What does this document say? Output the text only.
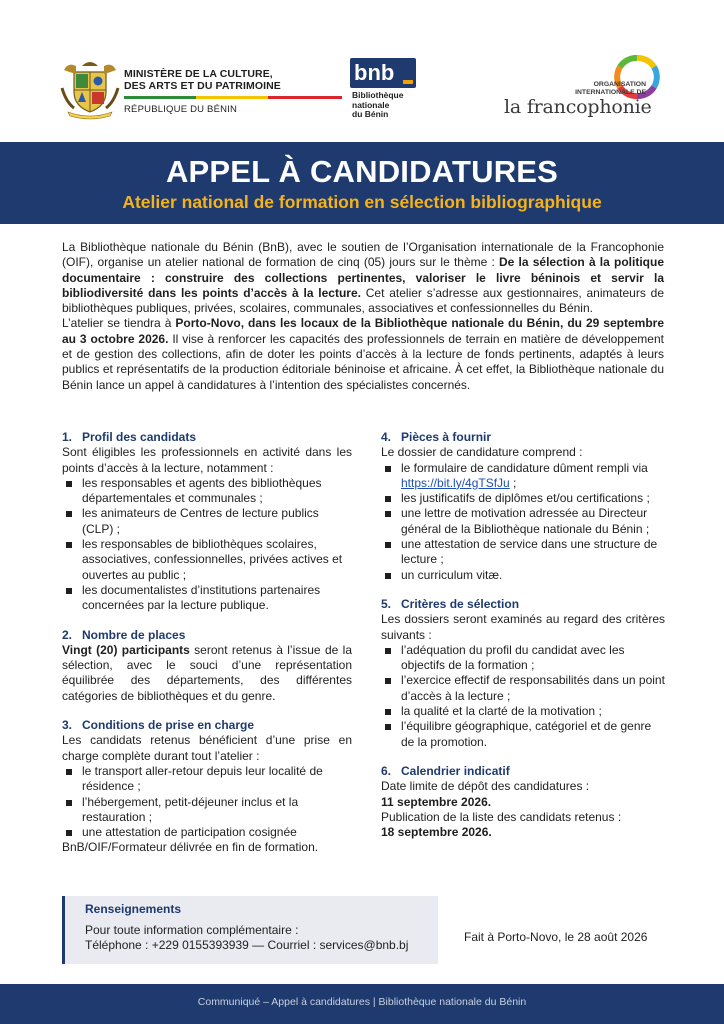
MINISTÈRE DE LA CULTURE,
DES ARTS ET DU PATRIMOINE
RÉPUBLIQUE DU BÉNIN
bnb
Bibliothèque
nationale
du Bénin
ORGANISATION
INTERNATIONALE DE
la francophonie
APPEL À CANDIDATURES
Atelier national de formation en sélection bibliographique

La Bibliothèque nationale du Bénin (BnB), avec le soutien de l’Organisation internationale de la Francophonie (OIF), organise un atelier national de formation de cinq (05) jours sur le thème : De la sélection à la politique documentaire : construire des collections pertinentes, valoriser le livre béninois et servir la bibliodiversité dans les points d’accès à la lecture. Cet atelier s’adresse aux gestionnaires, animateurs de bibliothèques publiques, privées, scolaires, communales, associatives et confessionnelles du Bénin.

L’atelier se tiendra à Porto-Novo, dans les locaux de la Bibliothèque nationale du Bénin, du 29 septembre au 3 octobre 2026. Il vise à renforcer les capacités des professionnels de terrain en matière de développement et de gestion des collections, afin de doter les points d’accès à la lecture de fonds pertinents, adaptés à leurs publics et représentatifs de la production éditoriale béninoise et africaine. À cet effet, la Bibliothèque nationale du Bénin lance un appel à candidatures à l’intention des spécialistes concernés.

1. Profil des candidats
Sont éligibles les professionnels en activité dans les points d’accès à la lecture, notamment :
les responsables et agents des bibliothèques départementales et communales ;
les animateurs de Centres de lecture publics (CLP) ;
les responsables de bibliothèques scolaires, associatives, confessionnelles, privées actives et ouvertes au public ;
les documentalistes d’institutions partenaires concernées par la lecture publique.
2. Nombre de places
Vingt (20) participants seront retenus à l’issue de la sélection, avec le souci d’une représentation équilibrée des départements, des différentes catégories de bibliothèques et du genre.
3. Conditions de prise en charge
Les candidats retenus bénéficient d’une prise en charge complète durant tout l’atelier :
le transport aller-retour depuis leur localité de résidence ;
l’hébergement, petit-déjeuner inclus et la restauration ;
une attestation de participation cosignée
BnB/OIF/Formateur délivrée en fin de formation.
4. Pièces à fournir
Le dossier de candidature comprend :
le formulaire de candidature dûment rempli via https://bit.ly/4gTSfJu ;
les justificatifs de diplômes et/ou certifications ;
une lettre de motivation adressée au Directeur général de la Bibliothèque nationale du Bénin ;
une attestation de service dans une structure de lecture ;
un curriculum vitæ.
5. Critères de sélection
Les dossiers seront examinés au regard des critères suivants :
l’adéquation du profil du candidat avec les objectifs de la formation ;
l’exercice effectif de responsabilités dans un point d’accès à la lecture ;
la qualité et la clarté de la motivation ;
l’équilibre géographique, catégoriel et de genre de la promotion.
6. Calendrier indicatif
Date limite de dépôt des candidatures :
11 septembre 2026.
Publication de la liste des candidats retenus :
18 septembre 2026.
Renseignements
Pour toute information complémentaire :
Téléphone : +229 0155393939 — Courriel : services@bnb.bj
Fait à Porto-Novo, le 28 août 2026
Communiqué – Appel à candidatures | Bibliothèque nationale du Bénin
